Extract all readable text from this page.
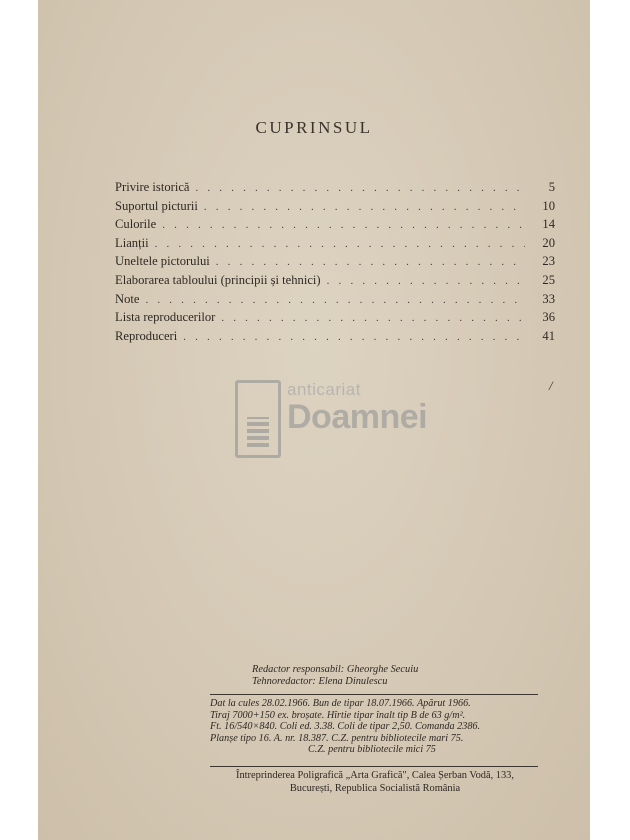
CUPRINSUL
Privire istorică . . .	5
Suportul picturii . . .	10
Culorile . . .	14
Lianții . . .	20
Uneltele pictorului . . .	23
Elaborarea tabloului (principii și tehnici) . . .	25
Note . . .	33
Lista reproducerilor . . .	36
Reproduceri . . .	41
/
anticariat
Doamnei
Redactor responsabil: Gheorghe Secuiu
Tehnoredactor: Elena Dinulescu
Dat la cules 28.02.1966. Bun de tipar 18.07.1966. Apărut 1966.
Tiraj 7000+150 ex. broșate. Hîrtie tipar înalt tip B de 63 g/m².
Ft. 16/540×840. Coli ed. 3.38. Coli de tipar 2,50. Comanda 2386.
Planșe tipo 16. A. nr. 18.387. C.Z. pentru bibliotecile mari 75.
C.Z. pentru bibliotecile mici 75
Întreprinderea Poligrafică „Arta Grafică", Calea Șerban Vodă, 133,
București, Republica Socialistă România
